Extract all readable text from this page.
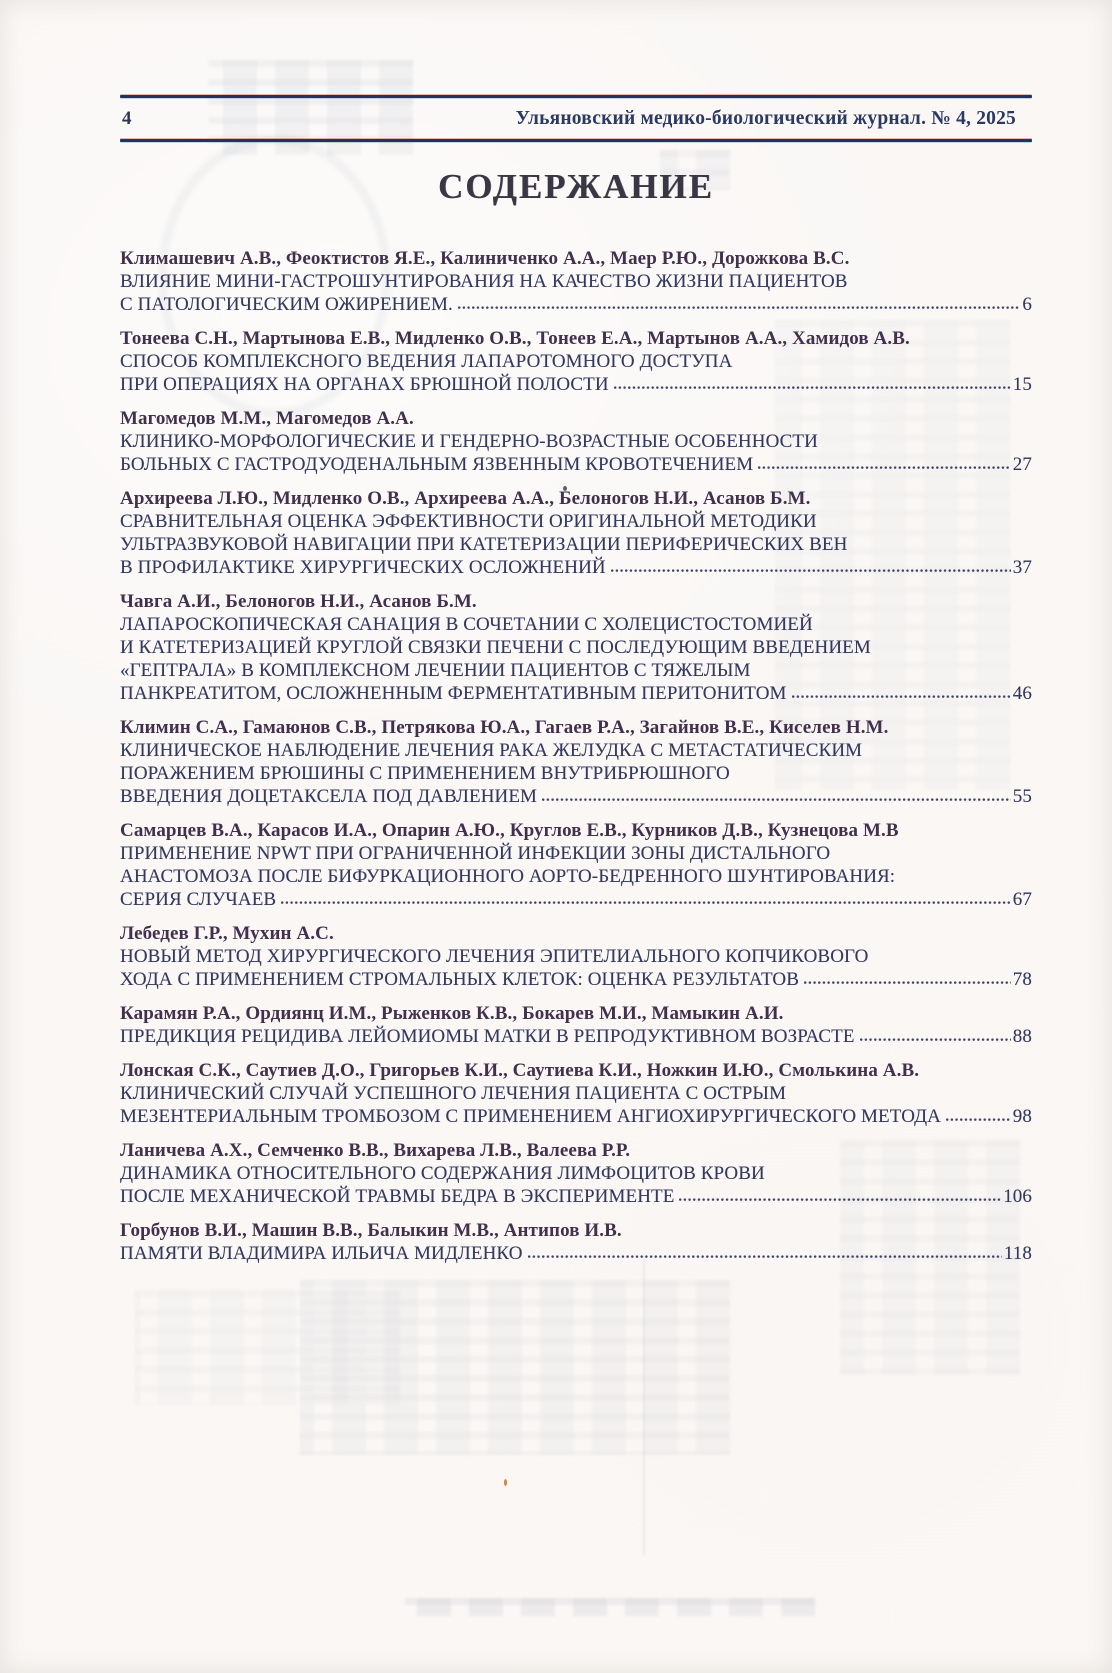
4	Ульяновский медико-биологический журнал. № 4, 2025
СОДЕРЖАНИЕ
Климашевич А.В., Феоктистов Я.Е., Калиниченко А.А., Маер Р.Ю., Дорожкова В.С.
ВЛИЯНИЕ МИНИ-ГАСТРОШУНТИРОВАНИЯ НА КАЧЕСТВО ЖИЗНИ ПАЦИЕНТОВ
С ПАТОЛОГИЧЕСКИМ ОЖИРЕНИЕМ.	6
Тонеева С.Н., Мартынова Е.В., Мидленко О.В., Тонеев Е.А., Мартынов А.А., Хамидов А.В.
СПОСОБ КОМПЛЕКСНОГО ВЕДЕНИЯ ЛАПАРОТОМНОГО ДОСТУПА
ПРИ ОПЕРАЦИЯХ НА ОРГАНАХ БРЮШНОЙ ПОЛОСТИ	15
Магомедов М.М., Магомедов А.А.
КЛИНИКО-МОРФОЛОГИЧЕСКИЕ И ГЕНДЕРНО-ВОЗРАСТНЫЕ ОСОБЕННОСТИ
БОЛЬНЫХ С ГАСТРОДУОДЕНАЛЬНЫМ ЯЗВЕННЫМ КРОВОТЕЧЕНИЕМ	27
Архиреева Л.Ю., Мидленко О.В., Архиреева А.А., Белоногов Н.И., Асанов Б.М.
СРАВНИТЕЛЬНАЯ ОЦЕНКА ЭФФЕКТИВНОСТИ ОРИГИНАЛЬНОЙ МЕТОДИКИ
УЛЬТРАЗВУКОВОЙ НАВИГАЦИИ ПРИ КАТЕТЕРИЗАЦИИ ПЕРИФЕРИЧЕСКИХ ВЕН
В ПРОФИЛАКТИКЕ ХИРУРГИЧЕСКИХ ОСЛОЖНЕНИЙ	37
Чавга А.И., Белоногов Н.И., Асанов Б.М.
ЛАПАРОСКОПИЧЕСКАЯ САНАЦИЯ В СОЧЕТАНИИ С ХОЛЕЦИСТОСТОМИЕЙ
И КАТЕТЕРИЗАЦИЕЙ КРУГЛОЙ СВЯЗКИ ПЕЧЕНИ С ПОСЛЕДУЮЩИМ ВВЕДЕНИЕМ
«ГЕПТРАЛА» В КОМПЛЕКСНОМ ЛЕЧЕНИИ ПАЦИЕНТОВ С ТЯЖЕЛЫМ
ПАНКРЕАТИТОМ, ОСЛОЖНЕННЫМ ФЕРМЕНТАТИВНЫМ ПЕРИТОНИТОМ	46
Климин С.А., Гамаюнов С.В., Петрякова Ю.А., Гагаев Р.А., Загайнов В.Е., Киселев Н.М.
КЛИНИЧЕСКОЕ НАБЛЮДЕНИЕ ЛЕЧЕНИЯ РАКА ЖЕЛУДКА С МЕТАСТАТИЧЕСКИМ
ПОРАЖЕНИЕМ БРЮШИНЫ С ПРИМЕНЕНИЕМ ВНУТРИБРЮШНОГО
ВВЕДЕНИЯ ДОЦЕТАКСЕЛА ПОД ДАВЛЕНИЕМ	55
Самарцев В.А., Карасов И.А., Опарин А.Ю., Круглов Е.В., Курников Д.В., Кузнецова М.В
ПРИМЕНЕНИЕ NPWT ПРИ ОГРАНИЧЕННОЙ ИНФЕКЦИИ ЗОНЫ ДИСТАЛЬНОГО
АНАСТОМОЗА ПОСЛЕ БИФУРКАЦИОННОГО АОРТО-БЕДРЕННОГО ШУНТИРОВАНИЯ:
СЕРИЯ СЛУЧАЕВ	67
Лебедев Г.Р., Мухин А.С.
НОВЫЙ МЕТОД ХИРУРГИЧЕСКОГО ЛЕЧЕНИЯ ЭПИТЕЛИАЛЬНОГО КОПЧИКОВОГО
ХОДА С ПРИМЕНЕНИЕМ СТРОМАЛЬНЫХ КЛЕТОК: ОЦЕНКА РЕЗУЛЬТАТОВ	78
Карамян Р.А., Ордиянц И.М., Рыженков К.В., Бокарев М.И., Мамыкин А.И.
ПРЕДИКЦИЯ РЕЦИДИВА ЛЕЙОМИОМЫ МАТКИ В РЕПРОДУКТИВНОМ ВОЗРАСТЕ	88
Лонская С.К., Саутиев Д.О., Григорьев К.И., Саутиева К.И., Ножкин И.Ю., Смолькина А.В.
КЛИНИЧЕСКИЙ СЛУЧАЙ УСПЕШНОГО ЛЕЧЕНИЯ ПАЦИЕНТА С ОСТРЫМ
МЕЗЕНТЕРИАЛЬНЫМ ТРОМБОЗОМ С ПРИМЕНЕНИЕМ АНГИОХИРУРГИЧЕСКОГО МЕТОДА	98
Ланичева А.Х., Семченко В.В., Вихарева Л.В., Валеева Р.Р.
ДИНАМИКА ОТНОСИТЕЛЬНОГО СОДЕРЖАНИЯ ЛИМФОЦИТОВ КРОВИ
ПОСЛЕ МЕХАНИЧЕСКОЙ ТРАВМЫ БЕДРА В ЭКСПЕРИМЕНТЕ	106
Горбунов В.И., Машин В.В., Балыкин М.В., Антипов И.В.
ПАМЯТИ ВЛАДИМИРА ИЛЬИЧА МИДЛЕНКО	118
